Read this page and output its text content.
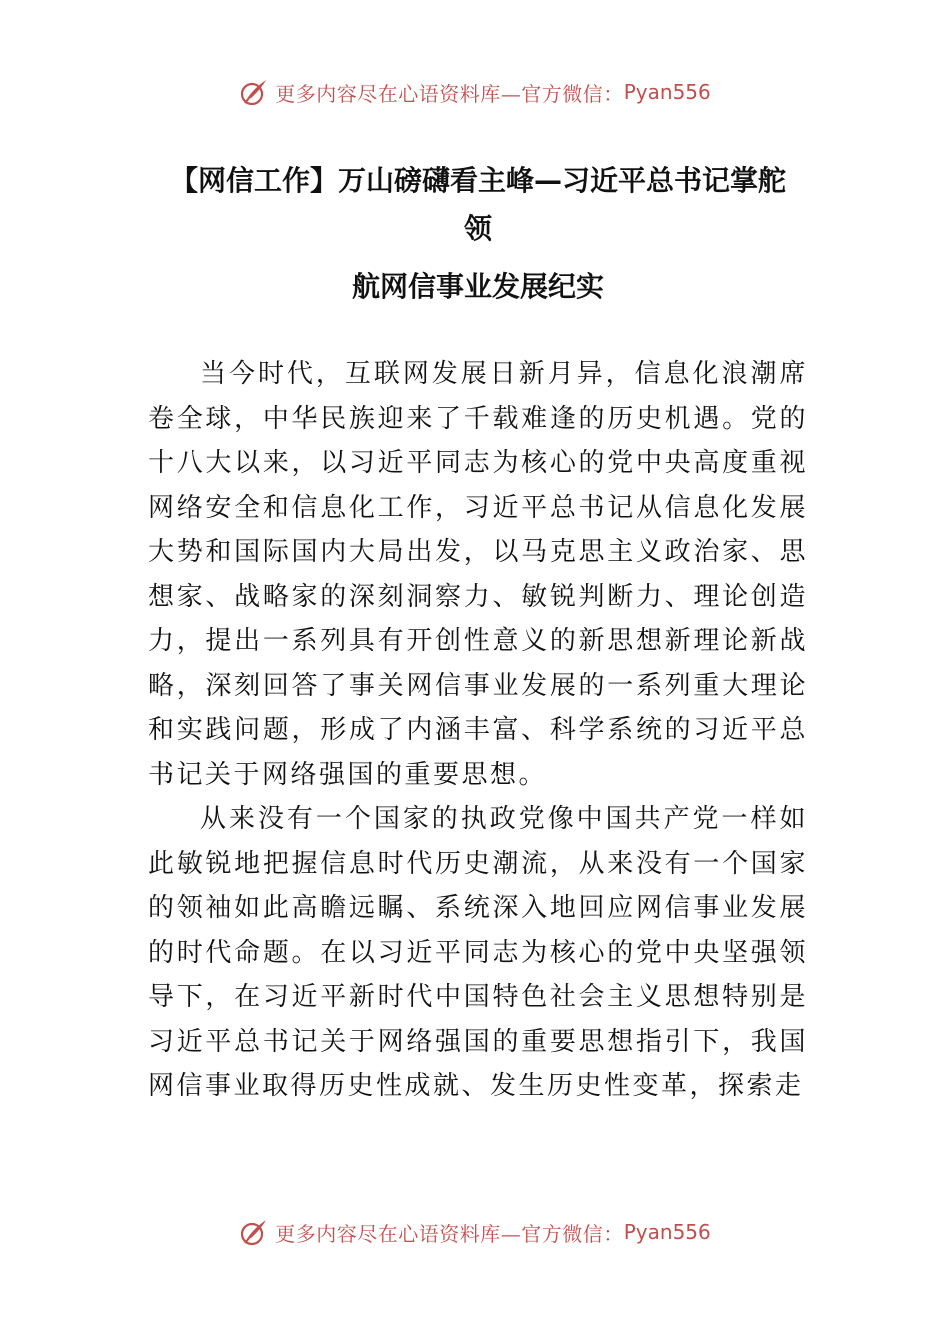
更多内容尽在心语资料库—官方微信： Pyan556
【网信工作】万山磅礴看主峰—习近平总书记掌舵
领
航网信事业发展纪实

当今时代，互联网发展日新月异，信息化浪潮席卷全球，中华民族迎来了千载难逢的历史机遇。党的十八大以来，以习近平同志为核心的党中央高度重视网络安全和信息化工作，习近平总书记从信息化发展大势和国际国内大局出发，以马克思主义政治家、思想家、战略家的深刻洞察力、敏锐判断力、理论创造力，提出一系列具有开创性意义的新思想新理论新战略，深刻回答了事关网信事业发展的一系列重大理论和实践问题，形成了内涵丰富、科学系统的习近平总书记关于网络强国的重要思想。

从来没有一个国家的执政党像中国共产党一样如此敏锐地把握信息时代历史潮流，从来没有一个国家的领袖如此高瞻远瞩、系统深入地回应网信事业发展的时代命题。在以习近平同志为核心的党中央坚强领导下，在习近平新时代中国特色社会主义思想特别是习近平总书记关于网络强国的重要思想指引下，我国网信事业取得历史性成就、发生历史性变革，探索走

更多内容尽在心语资料库—官方微信： Pyan556
